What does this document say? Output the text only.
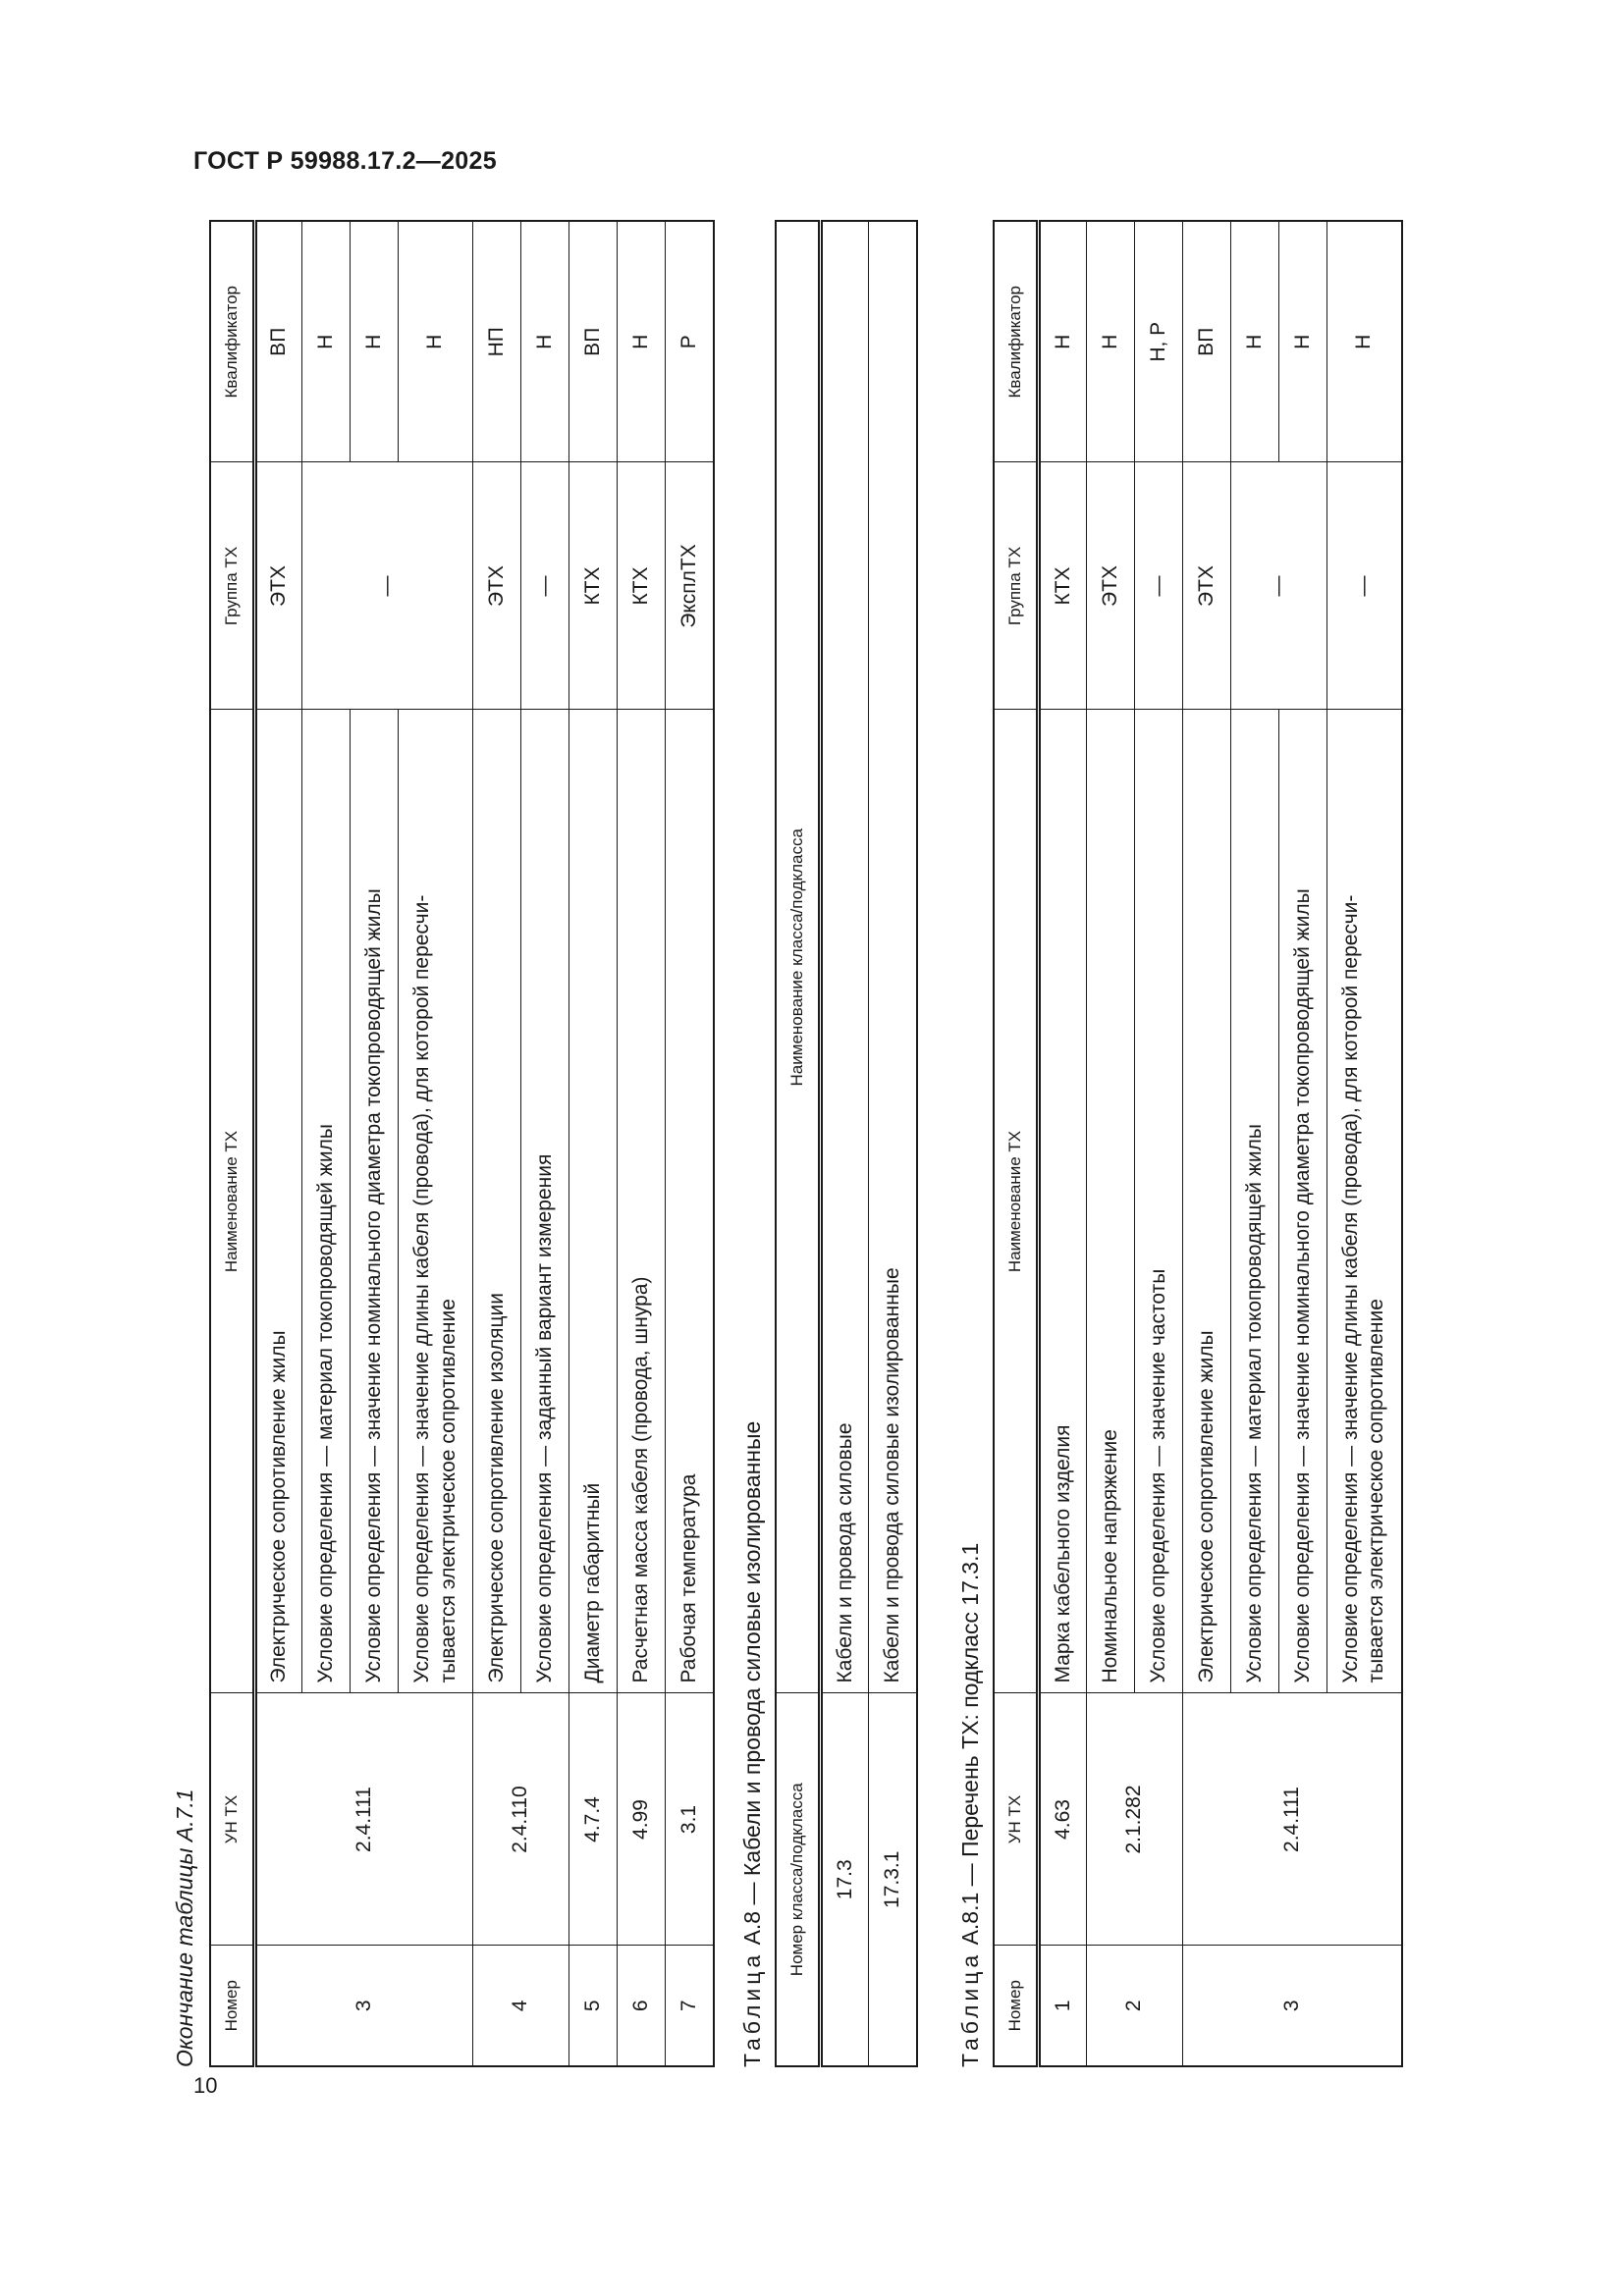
ГОСТ Р 59988.17.2—2025
10
Окончание таблицы А.7.1 Номер	УН ТХ	Наименование ТХ	Группа ТХ	Квалификатор
3	2.4.111	Электрическое сопротивление жилы	ЭТХ	ВП
		Условие определения — материал токопроводящей жилы	—	Н
		Условие определения — значение номинального диаметра токопроводящей жилы		Н
		Условие определения — значение длины кабеля (провода), для которой пересчи- тывается электрическое сопротивление		Н
4	2.4.110	Электрическое сопротивление изоляции	ЭТХ	НП
		Условие определения — заданный вариант измерения	—	Н
5	4.7.4	Диаметр габаритный	КТХ	ВП
6	4.99	Расчетная масса кабеля (провода, шнура)	КТХ	Н
7	3.1	Рабочая температура	ЭксплТХ	Р
Таблица А.8 — Кабели и провода силовые изолированные Номер класса/подкласса	Наименование класса/подкласса
17.3	Кабели и провода силовые
17.3.1	Кабели и провода силовые изолированные
Таблица А.8.1 — Перечень ТХ: подкласс 17.3.1
Номер	УН ТХ	Наименование ТХ	Группа ТХ	Квалификатор
1	4.63	Марка кабельного изделия	КТХ	Н
2	2.1.282	Номинальное напряжение	ЭТХ	Н
		Условие определения — значение частоты	—	Н, Р
3	2.4.111	Электрическое сопротивление жилы	ЭТХ	ВП
		Условие определения — материал токопроводящей жилы	—	Н
		Условие определения — значение номинального диаметра токопроводящей жилы		Н
		Условие определения — значение длины кабеля (провода), для которой пересчи- тывается электрическое сопротивление	—	Н
